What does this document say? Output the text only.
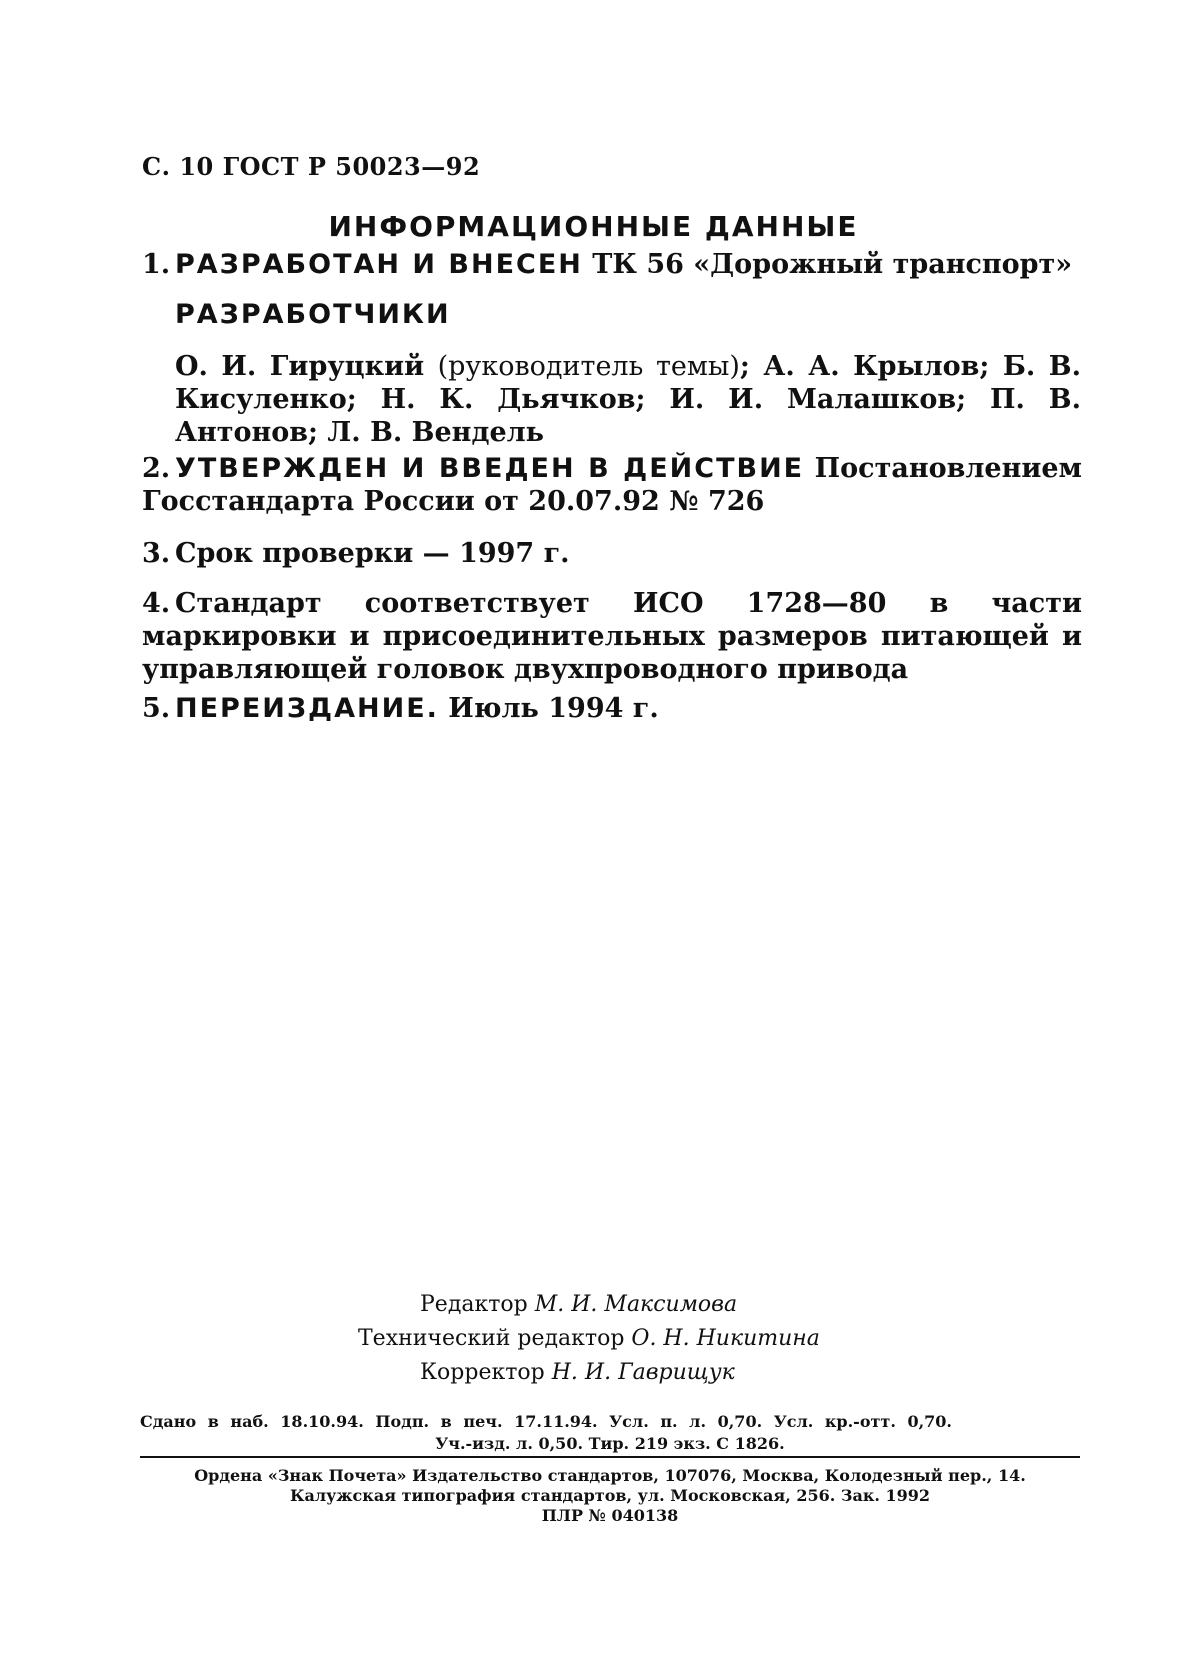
С. 10 ГОСТ Р 50023—92
ИНФОРМАЦИОННЫЕ ДАННЫЕ
1. РАЗРАБОТАН И ВНЕСЕН ТК 56 «Дорожный транспорт»
РАЗРАБОТЧИКИ
О. И. Гируцкий (руководитель темы); А. А. Крылов; Б. В. Кисуленко; Н. К. Дьячков; И. И. Малашков; П. В. Антонов; Л. В. Вендель
2. УТВЕРЖДЕН И ВВЕДЕН В ДЕЙСТВИЕ Постановлением Госстандарта России от 20.07.92 № 726
3. Срок проверки — 1997 г.
4. Стандарт соответствует ИСО 1728—80 в части маркировки и присоединительных размеров питающей и управляющей головок двухпроводного привода
5. ПЕРЕИЗДАНИЕ. Июль 1994 г.
Редактор М. И. Максимова
Технический редактор О. Н. Никитина
Корректор Н. И. Гаврищук
Сдано в наб. 18.10.94. Подп. в печ. 17.11.94. Усл. п. л. 0,70. Усл. кр.-отт. 0,70.
Уч.-изд. л. 0,50. Тир. 219 экз. С 1826.
Ордена «Знак Почета» Издательство стандартов, 107076, Москва, Колодезный пер., 14.
Калужская типография стандартов, ул. Московская, 256. Зак. 1992
ПЛР № 040138
